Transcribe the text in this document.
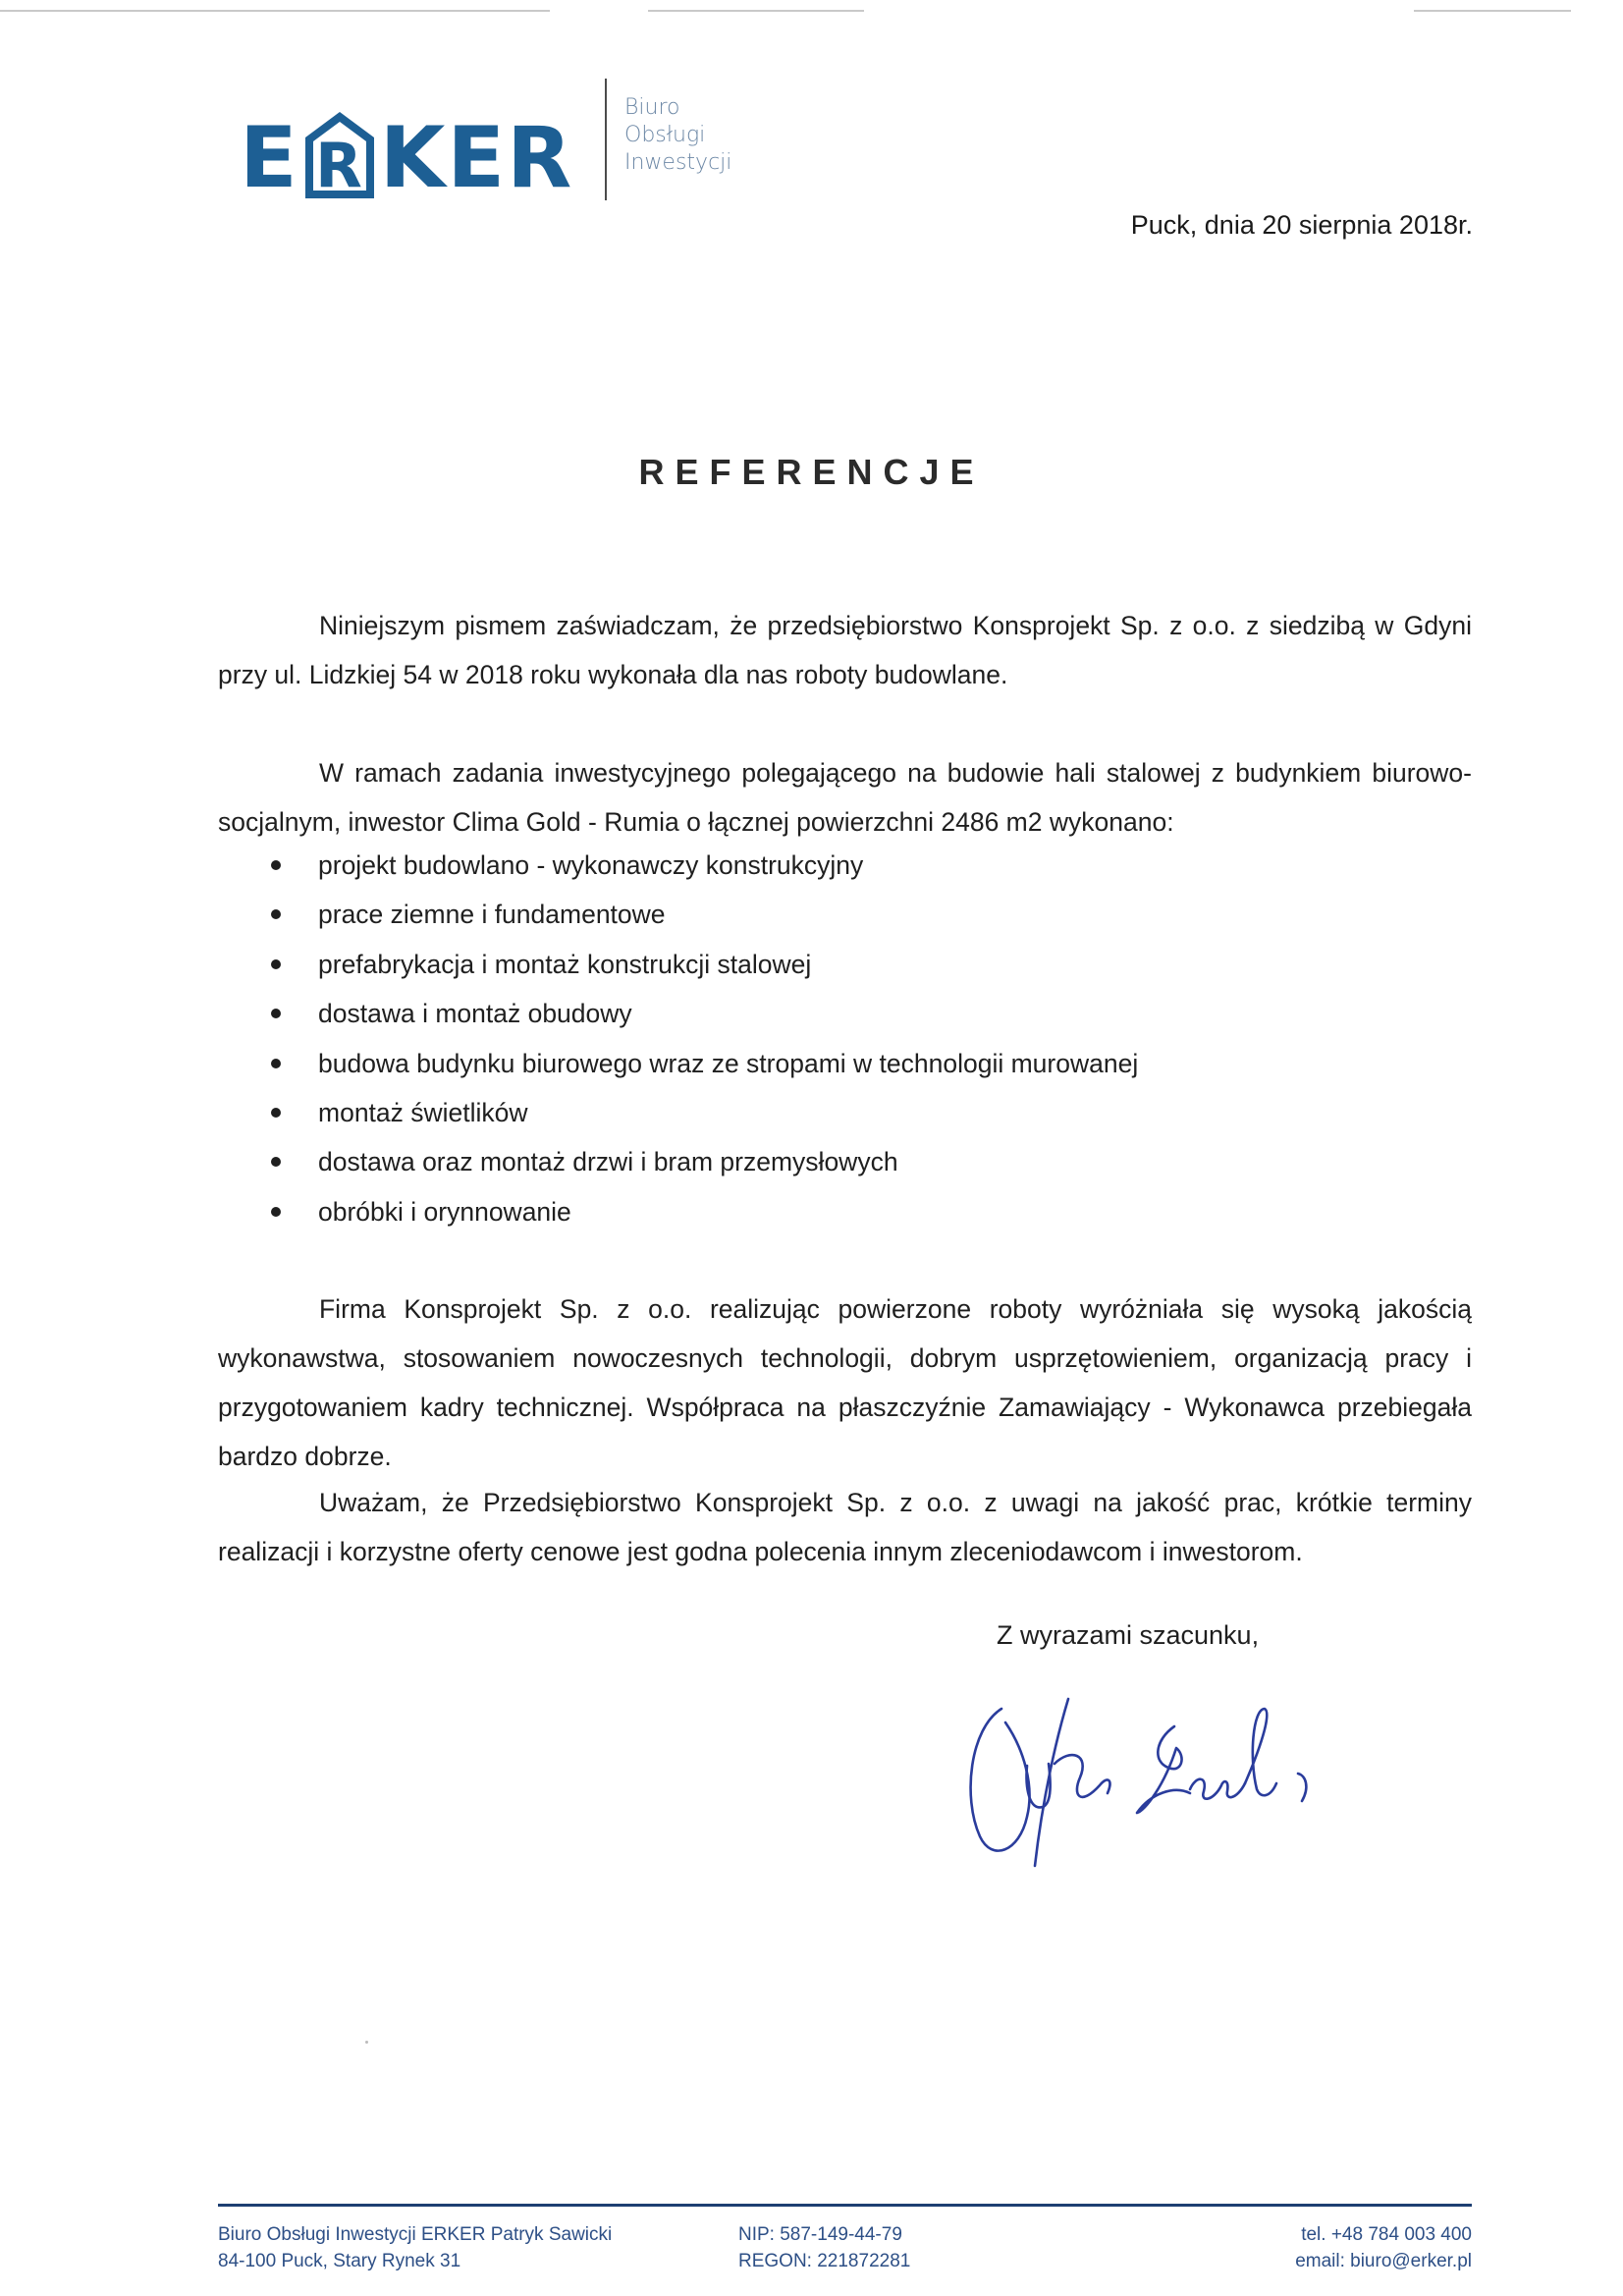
E R KER
Biuro
Obsługi
Inwestycji
Puck, dnia 20 sierpnia 2018r.
REFERENCJE
Niniejszym pismem zaświadczam, że przedsiębiorstwo Konsprojekt Sp. z o.o. z siedzibą w Gdyni przy ul. Lidzkiej 54 w 2018 roku wykonała dla nas roboty budowlane.
W ramach zadania inwestycyjnego polegającego na budowie hali stalowej z budynkiem biurowo-socjalnym, inwestor Clima Gold - Rumia o łącznej powierzchni 2486 m2 wykonano:
projekt budowlano - wykonawczy konstrukcyjny
prace ziemne i fundamentowe
prefabrykacja i montaż konstrukcji stalowej
dostawa i montaż obudowy
budowa budynku biurowego wraz ze stropami w technologii murowanej
montaż świetlików
dostawa oraz montaż drzwi i bram przemysłowych
obróbki i orynnowanie
Firma Konsprojekt Sp. z o.o. realizując powierzone roboty wyróżniała się wysoką jakością wykonawstwa, stosowaniem nowoczesnych technologii, dobrym usprzętowieniem, organizacją pracy i przygotowaniem kadry technicznej. Współpraca na płaszczyźnie Zamawiający - Wykonawca przebiegała bardzo dobrze.
Uważam, że Przedsiębiorstwo Konsprojekt Sp. z o.o. z uwagi na jakość prac, krótkie terminy realizacji i korzystne oferty cenowe jest godna polecenia innym zleceniodawcom i inwestorom.
Z wyrazami szacunku,
Biuro Obsługi Inwestycji ERKER Patryk Sawicki
84-100 Puck, Stary Rynek 31
NIP: 587-149-44-79
REGON: 221872281
tel. +48 784 003 400
email: biuro@erker.pl
